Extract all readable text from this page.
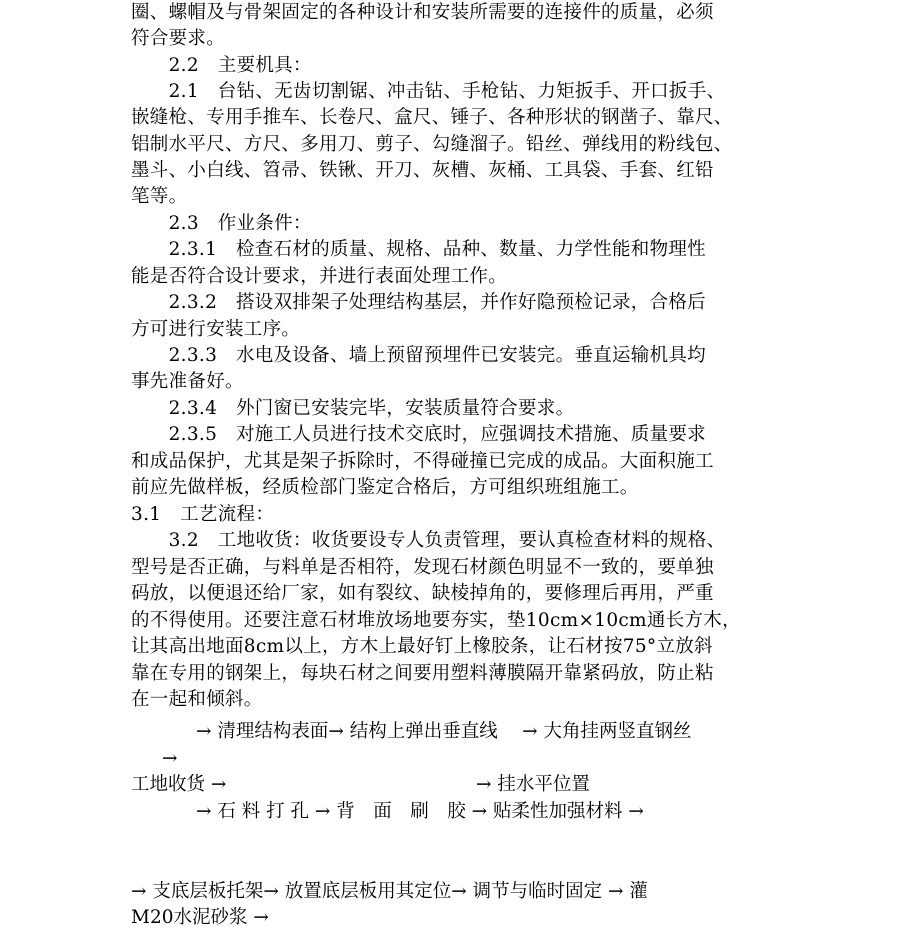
圈、螺帽及与骨架固定的各种设计和安装所需要的连接件的质量，必须
符合要求。
　　2.2　主要机具：
　　2.1　台钻、无齿切割锯、冲击钻、手枪钻、力矩扳手、开口扳手、
嵌缝枪、专用手推车、长卷尺、盒尺、锤子、各种形状的钢凿子、靠尺、
铝制水平尺、方尺、多用刀、剪子、勾缝溜子。铅丝、弹线用的粉线包、
墨斗、小白线、笤帚、铁锹、开刀、灰槽、灰桶、工具袋、手套、红铅
笔等。
　　2.3　作业条件：
　　2.3.1　检查石材的质量、规格、品种、数量、力学性能和物理性
能是否符合设计要求，并进行表面处理工作。
　　2.3.2　搭设双排架子处理结构基层，并作好隐预检记录，合格后
方可进行安装工序。
　　2.3.3　水电及设备、墙上预留预埋件已安装完。垂直运输机具均
事先准备好。
　　2.3.4　外门窗已安装完毕，安装质量符合要求。
　　2.3.5　对施工人员进行技术交底时，应强调技术措施、质量要求
和成品保护，尤其是架子拆除时，不得碰撞已完成的成品。大面积施工
前应先做样板，经质检部门鉴定合格后，方可组织班组施工。
3.1　工艺流程：
　　3.2　工地收货：收货要设专人负责管理，要认真检查材料的规格、
型号是否正确，与料单是否相符，发现石材颜色明显不一致的，要单独
码放，以便退还给厂家，如有裂纹、缺棱掉角的，要修理后再用，严重
的不得使用。还要注意石材堆放场地要夯实，垫10cm×10cm通长方木，
让其高出地面8cm以上，方木上最好钉上橡胶条，让石材按75°立放斜
靠在专用的钢架上，每块石材之间要用塑料薄膜隔开靠紧码放，防止粘
在一起和倾斜。
→ 清理结构表面→ 结构上弹出垂直线　 → 大角挂两竖直钢丝
→
工地收货 →	→ 挂水平位置
→ 石 料 打 孔 → 背　面　刷　胶 → 贴柔性加强材料 →
→ 支底层板托架→ 放置底层板用其定位→ 调节与临时固定 → 灌
M20水泥砂浆 →
